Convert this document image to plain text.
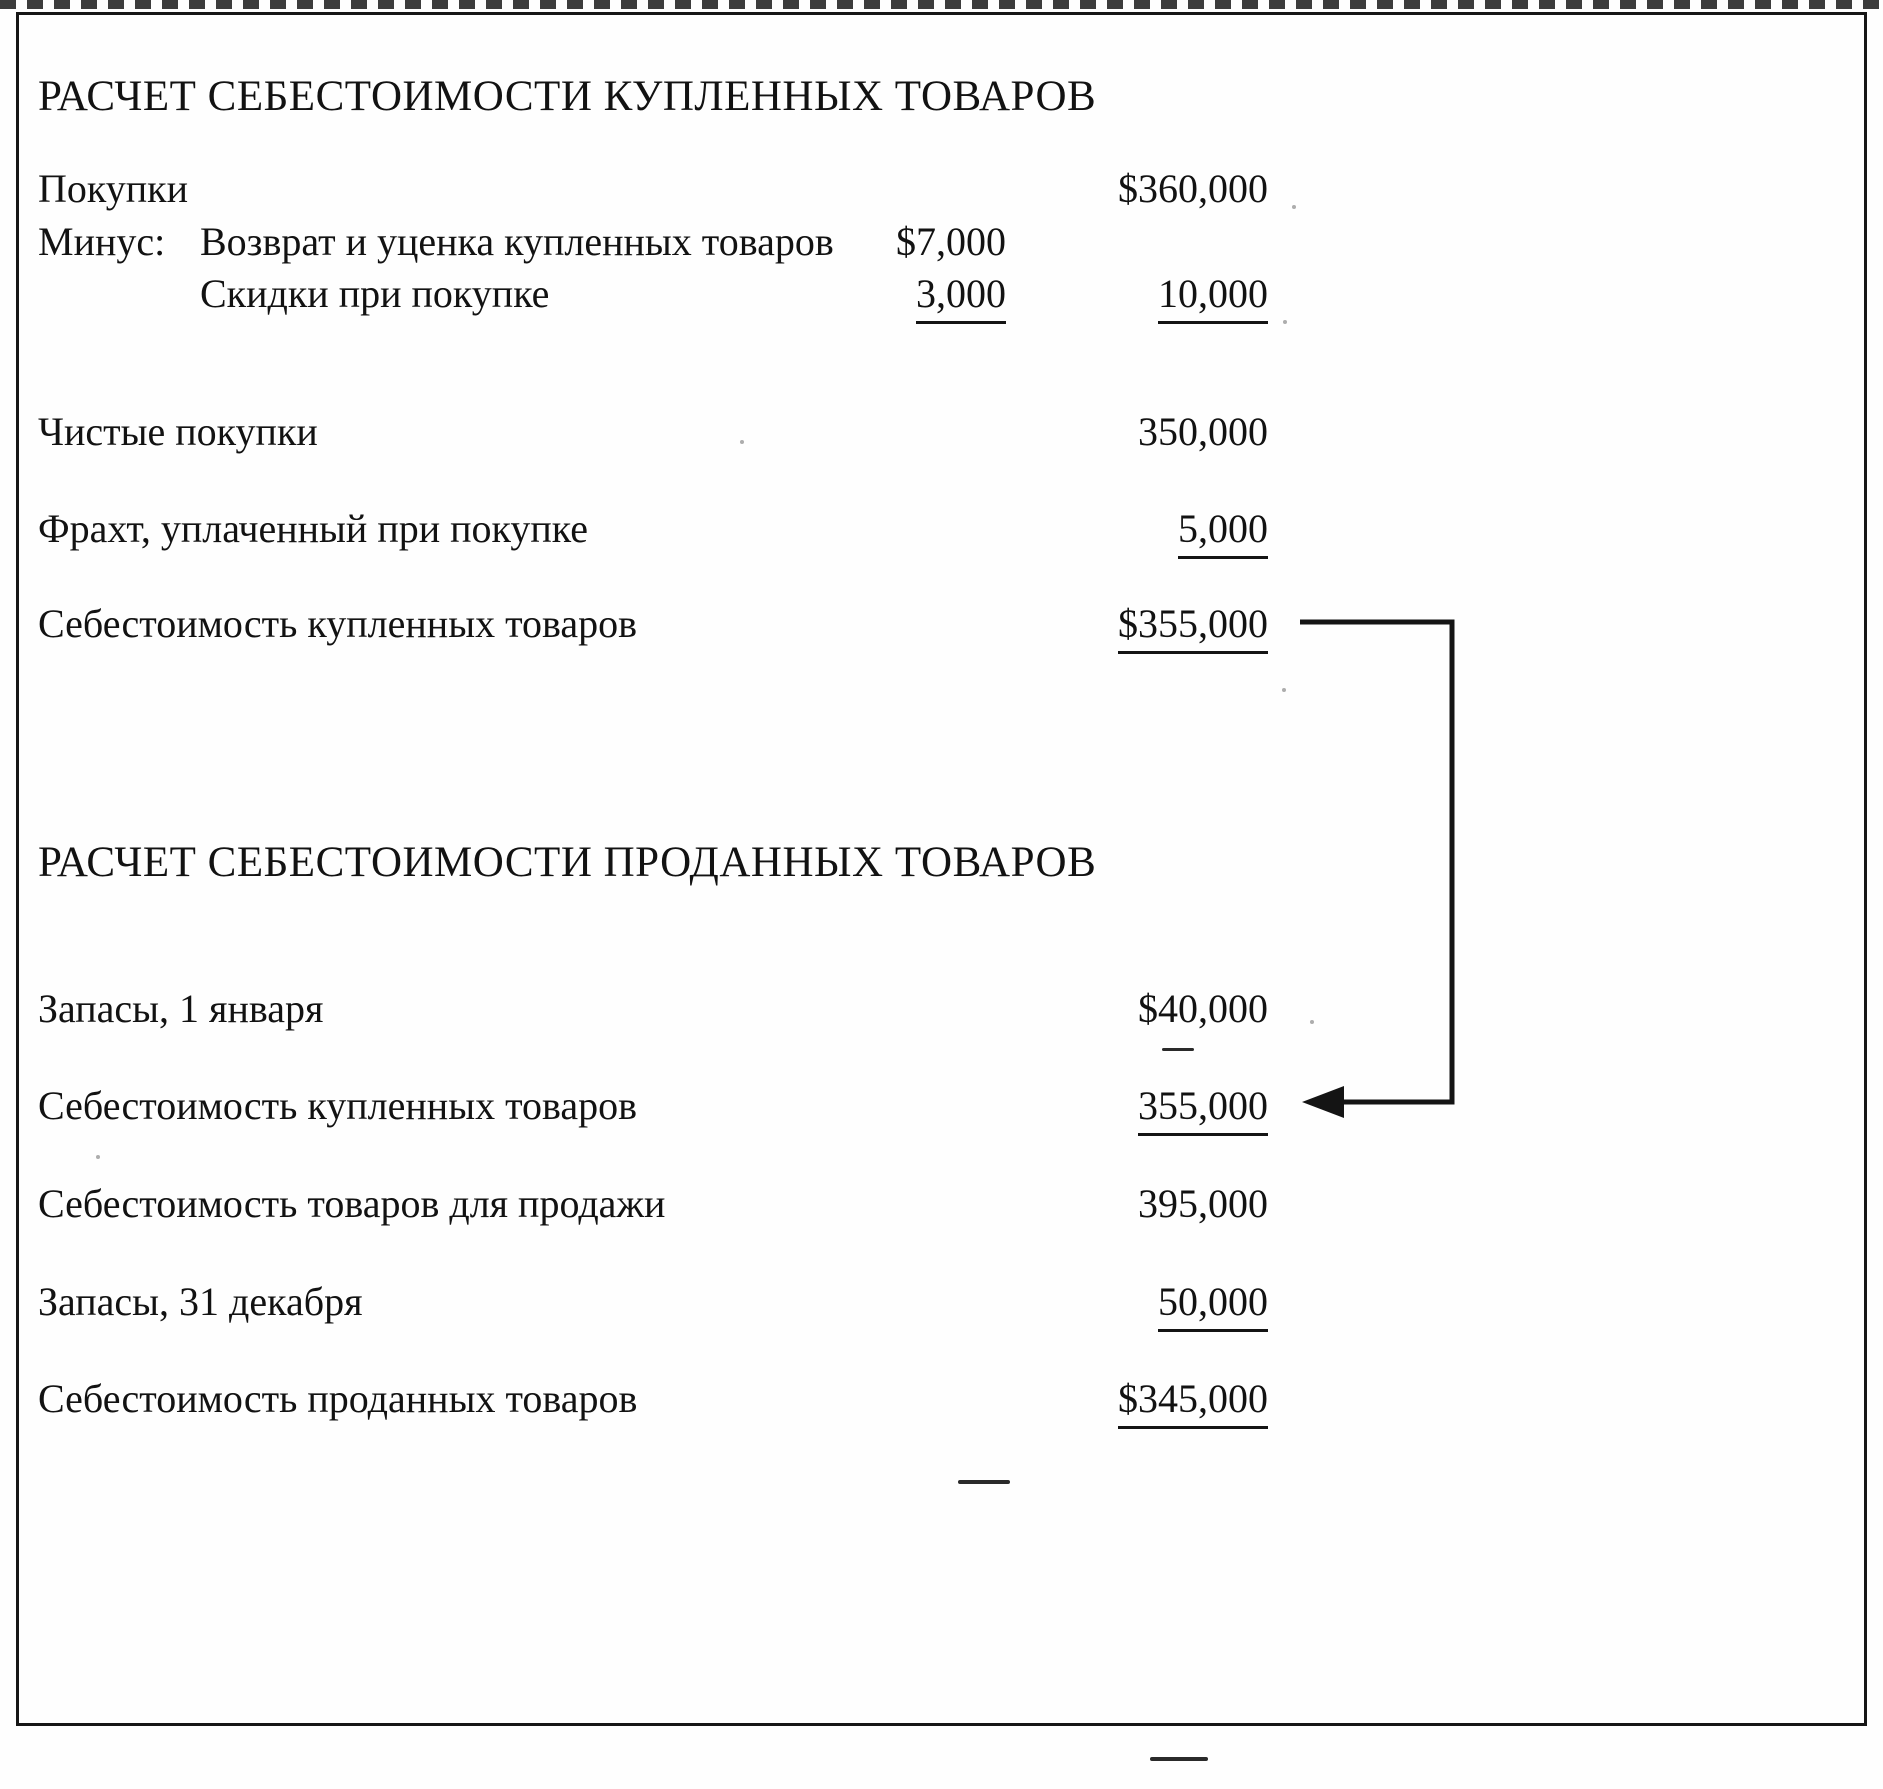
РАСЧЕТ СЕБЕСТОИМОСТИ КУПЛЕННЫХ ТОВАРОВ
Покупки	$360,000
Минус: Возврат и уценка купленных товаров $7,000
Скидки при покупке	3,000	10,000
Чистые покупки	350,000
Фрахт, уплаченный при покупке	5,000
Себестоимость купленных товаров	$355,000
РАСЧЕТ СЕБЕСТОИМОСТИ ПРОДАННЫХ ТОВАРОВ
Запасы, 1 января	$40,000
Себестоимость купленных товаров	355,000
Себестоимость товаров для продажи	395,000
Запасы, 31 декабря	50,000
Себестоимость проданных товаров	$345,000
